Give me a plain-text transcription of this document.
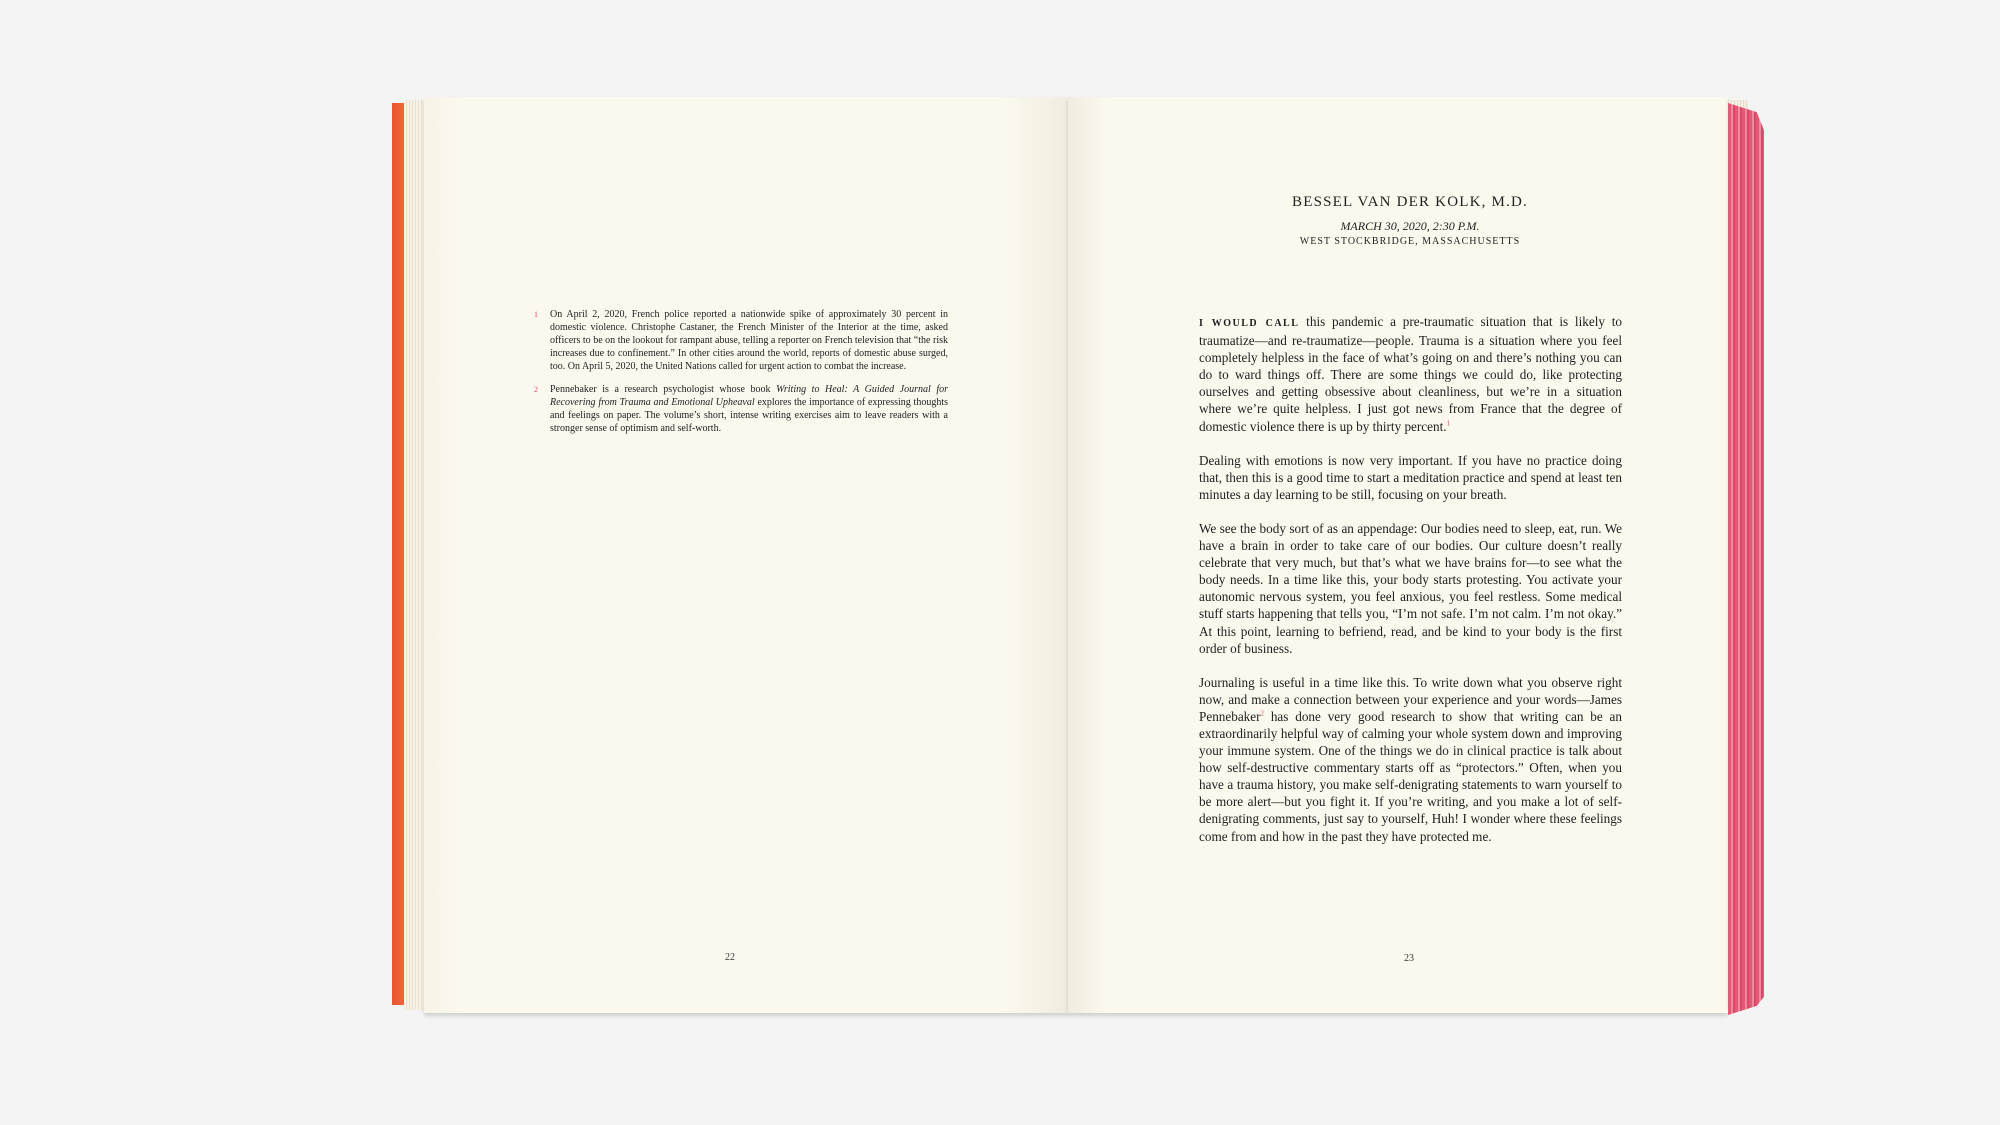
1 On April 2, 2020, French police reported a nationwide spike of approximately 30 percent in domestic violence. Christophe Castaner, the French Minister of the Interior at the time, asked officers to be on the lookout for rampant abuse, telling a reporter on French television that “the risk increases due to confinement.” In other cities around the world, reports of domestic abuse surged, too. On April 5, 2020, the United Nations called for urgent action to combat the increase.
2 Pennebaker is a research psychologist whose book Writing to Heal: A Guided Journal for Recovering from Trauma and Emotional Upheaval explores the importance of expressing thoughts and feelings on paper. The volume’s short, intense writing exercises aim to leave readers with a stronger sense of optimism and self-worth.
22
BESSEL VAN DER KOLK, M.D.
MARCH 30, 2020, 2:30 P.M.
WEST STOCKBRIDGE, MASSACHUSETTS

I WOULD CALL this pandemic a pre-traumatic situation that is likely to traumatize—and re-traumatize—people. Trauma is a situation where you feel completely helpless in the face of what’s going on and there’s nothing you can do to ward things off. There are some things we could do, like protecting ourselves and getting obsessive about cleanliness, but we’re in a situation where we’re quite helpless. I just got news from France that the degree of domestic violence there is up by thirty percent.$^1$

Dealing with emotions is now very important. If you have no practice doing that, then this is a good time to start a meditation practice and spend at least ten minutes a day learning to be still, focusing on your breath.

We see the body sort of as an appendage: Our bodies need to sleep, eat, run. We have a brain in order to take care of our bodies. Our culture doesn’t really celebrate that very much, but that’s what we have brains for—to see what the body needs. In a time like this, your body starts protesting. You activate your autonomic nervous system, you feel anxious, you feel restless. Some medical stuff starts happening that tells you, “I’m not safe. I’m not calm. I’m not okay.” At this point, learning to befriend, read, and be kind to your body is the first order of business.

Journaling is useful in a time like this. To write down what you observe right now, and make a connection between your experience and your words—James Pennebaker$^2$ has done very good research to show that writing can be an extraordinarily helpful way of calming your whole system down and improving your immune system. One of the things we do in clinical practice is talk about how self-destructive commentary starts off as “protectors.” Often, when you have a trauma history, you make self-denigrating statements to warn yourself to be more alert—but you fight it. If you’re writing, and you make a lot of self-denigrating comments, just say to yourself, Huh! I wonder where these feelings come from and how in the past they have protected me.

23
